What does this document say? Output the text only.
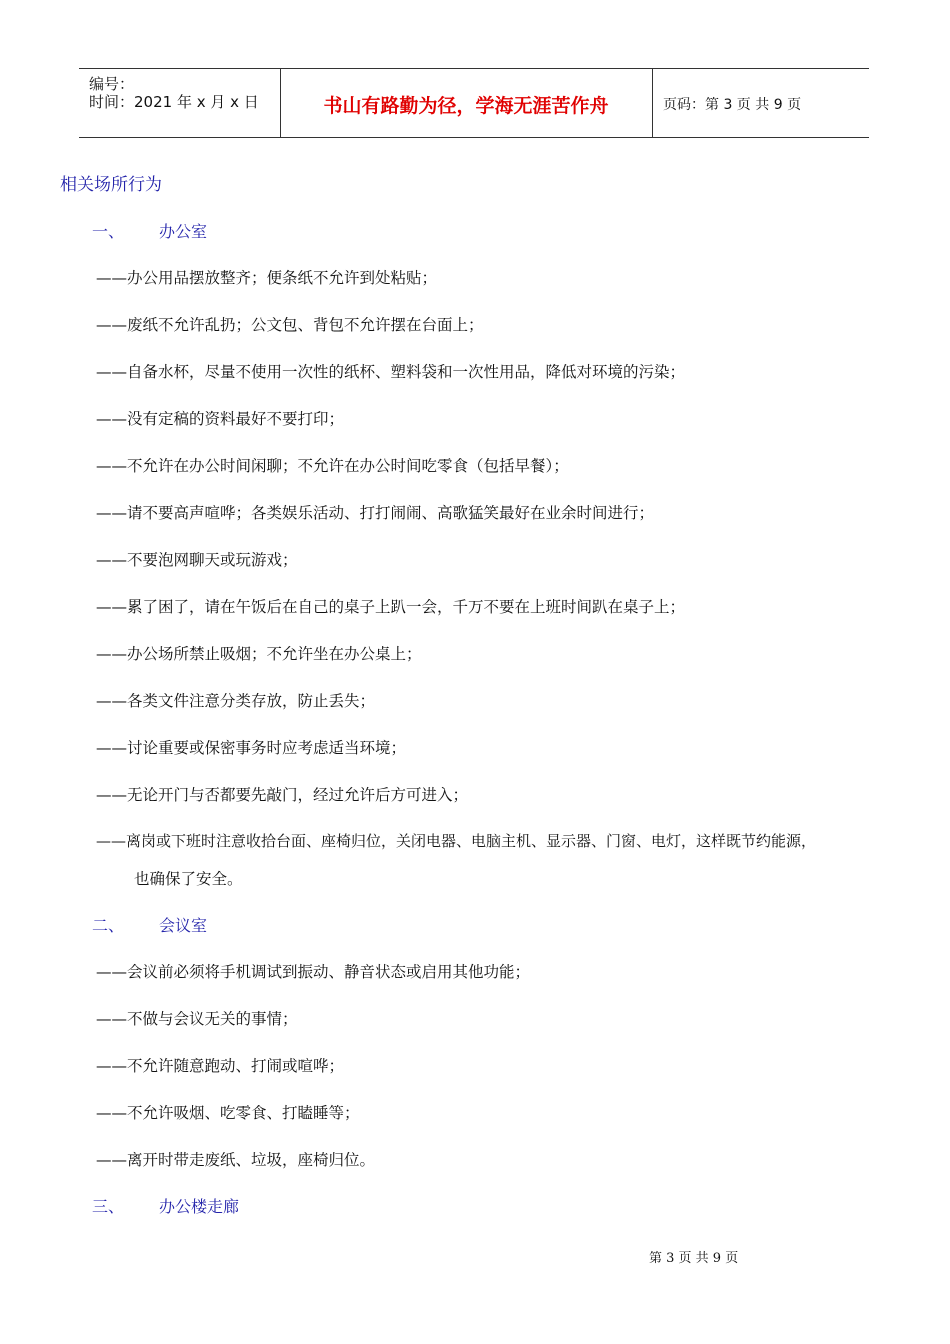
编号：
时间：2021 年 x 月 x 日	书山有路勤为径，学海无涯苦作舟	页码：第 3 页 共 9 页
相关场所行为
一、 办公室
——办公用品摆放整齐；便条纸不允许到处粘贴；
——废纸不允许乱扔；公文包、背包不允许摆在台面上；
——自备水杯，尽量不使用一次性的纸杯、塑料袋和一次性用品，降低对环境的污染；
——没有定稿的资料最好不要打印；
——不允许在办公时间闲聊；不允许在办公时间吃零食（包括早餐）；
——请不要高声喧哗；各类娱乐活动、打打闹闹、高歌猛笑最好在业余时间进行；
——不要泡网聊天或玩游戏；
——累了困了，请在午饭后在自己的桌子上趴一会，千万不要在上班时间趴在桌子上；
——办公场所禁止吸烟；不允许坐在办公桌上；
——各类文件注意分类存放，防止丢失；
——讨论重要或保密事务时应考虑适当环境；
——无论开门与否都要先敲门，经过允许后方可进入；
——离岗或下班时注意收拾台面、座椅归位，关闭电器、电脑主机、显示器、门窗、电灯，这样既节约能源，
也确保了安全。
二、 会议室
——会议前必须将手机调试到振动、静音状态或启用其他功能；
——不做与会议无关的事情；
——不允许随意跑动、打闹或喧哗；
——不允许吸烟、吃零食、打瞌睡等；
——离开时带走废纸、垃圾，座椅归位。
三、 办公楼走廊
第 3 页 共 9 页
